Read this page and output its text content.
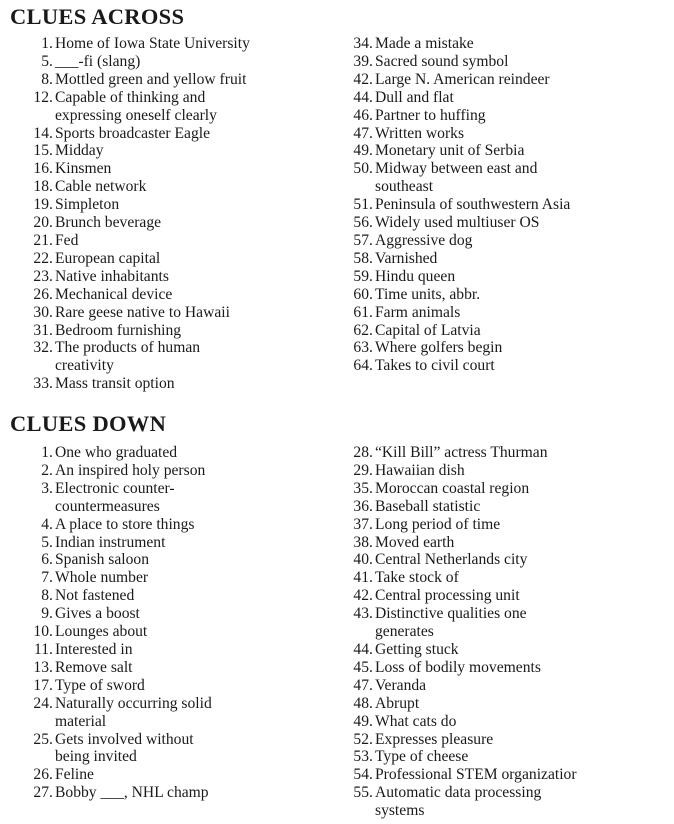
CLUES ACROSS
1 . Home of Iowa State University
5 . ___-fi (slang)
8 . Mottled green and yellow fruit
12 . Capable of thinking and
expressing oneself clearly
14 . Sports broadcaster Eagle
15 . Midday
16 . Kinsmen
18 . Cable network
19 . Simpleton
20 . Brunch beverage
21 . Fed
22 . European capital
23 . Native inhabitants
26 . Mechanical device
30 . Rare geese native to Hawaii
31 . Bedroom furnishing
32 . The products of human
creativity
33 . Mass transit option
34 . Made a mistake
39 . Sacred sound symbol
42 . Large N. American reindeer
44 . Dull and flat
46 . Partner to huffing
47 . Written works
49 . Monetary unit of Serbia
50 . Midway between east and
southeast
51 . Peninsula of southwestern Asia
56 . Widely used multiuser OS
57 . Aggressive dog
58 . Varnished
59 . Hindu queen
60 . Time units, abbr.
61 . Farm animals
62 . Capital of Latvia
63 . Where golfers begin
64 . Takes to civil court
CLUES DOWN
1 . One who graduated
2 . An inspired holy person
3 . Electronic counter-
countermeasures
4 . A place to store things
5 . Indian instrument
6 . Spanish saloon
7 . Whole number
8 . Not fastened
9 . Gives a boost
10 . Lounges about
11 . Interested in
13 . Remove salt
17 . Type of sword
24 . Naturally occurring solid
material
25 . Gets involved without
being invited
26 . Feline
27 . Bobby ___, NHL champ
28 . “Kill Bill” actress Thurman
29 . Hawaiian dish
35 . Moroccan coastal region
36 . Baseball statistic
37 . Long period of time
38 . Moved earth
40 . Central Netherlands city
41 . Take stock of
42 . Central processing unit
43 . Distinctive qualities one
generates
44 . Getting stuck
45 . Loss of bodily movements
47 . Veranda
48 . Abrupt
49 . What cats do
52 . Expresses pleasure
53 . Type of cheese
54 . Professional STEM organizatior
55 . Automatic data processing
systems
